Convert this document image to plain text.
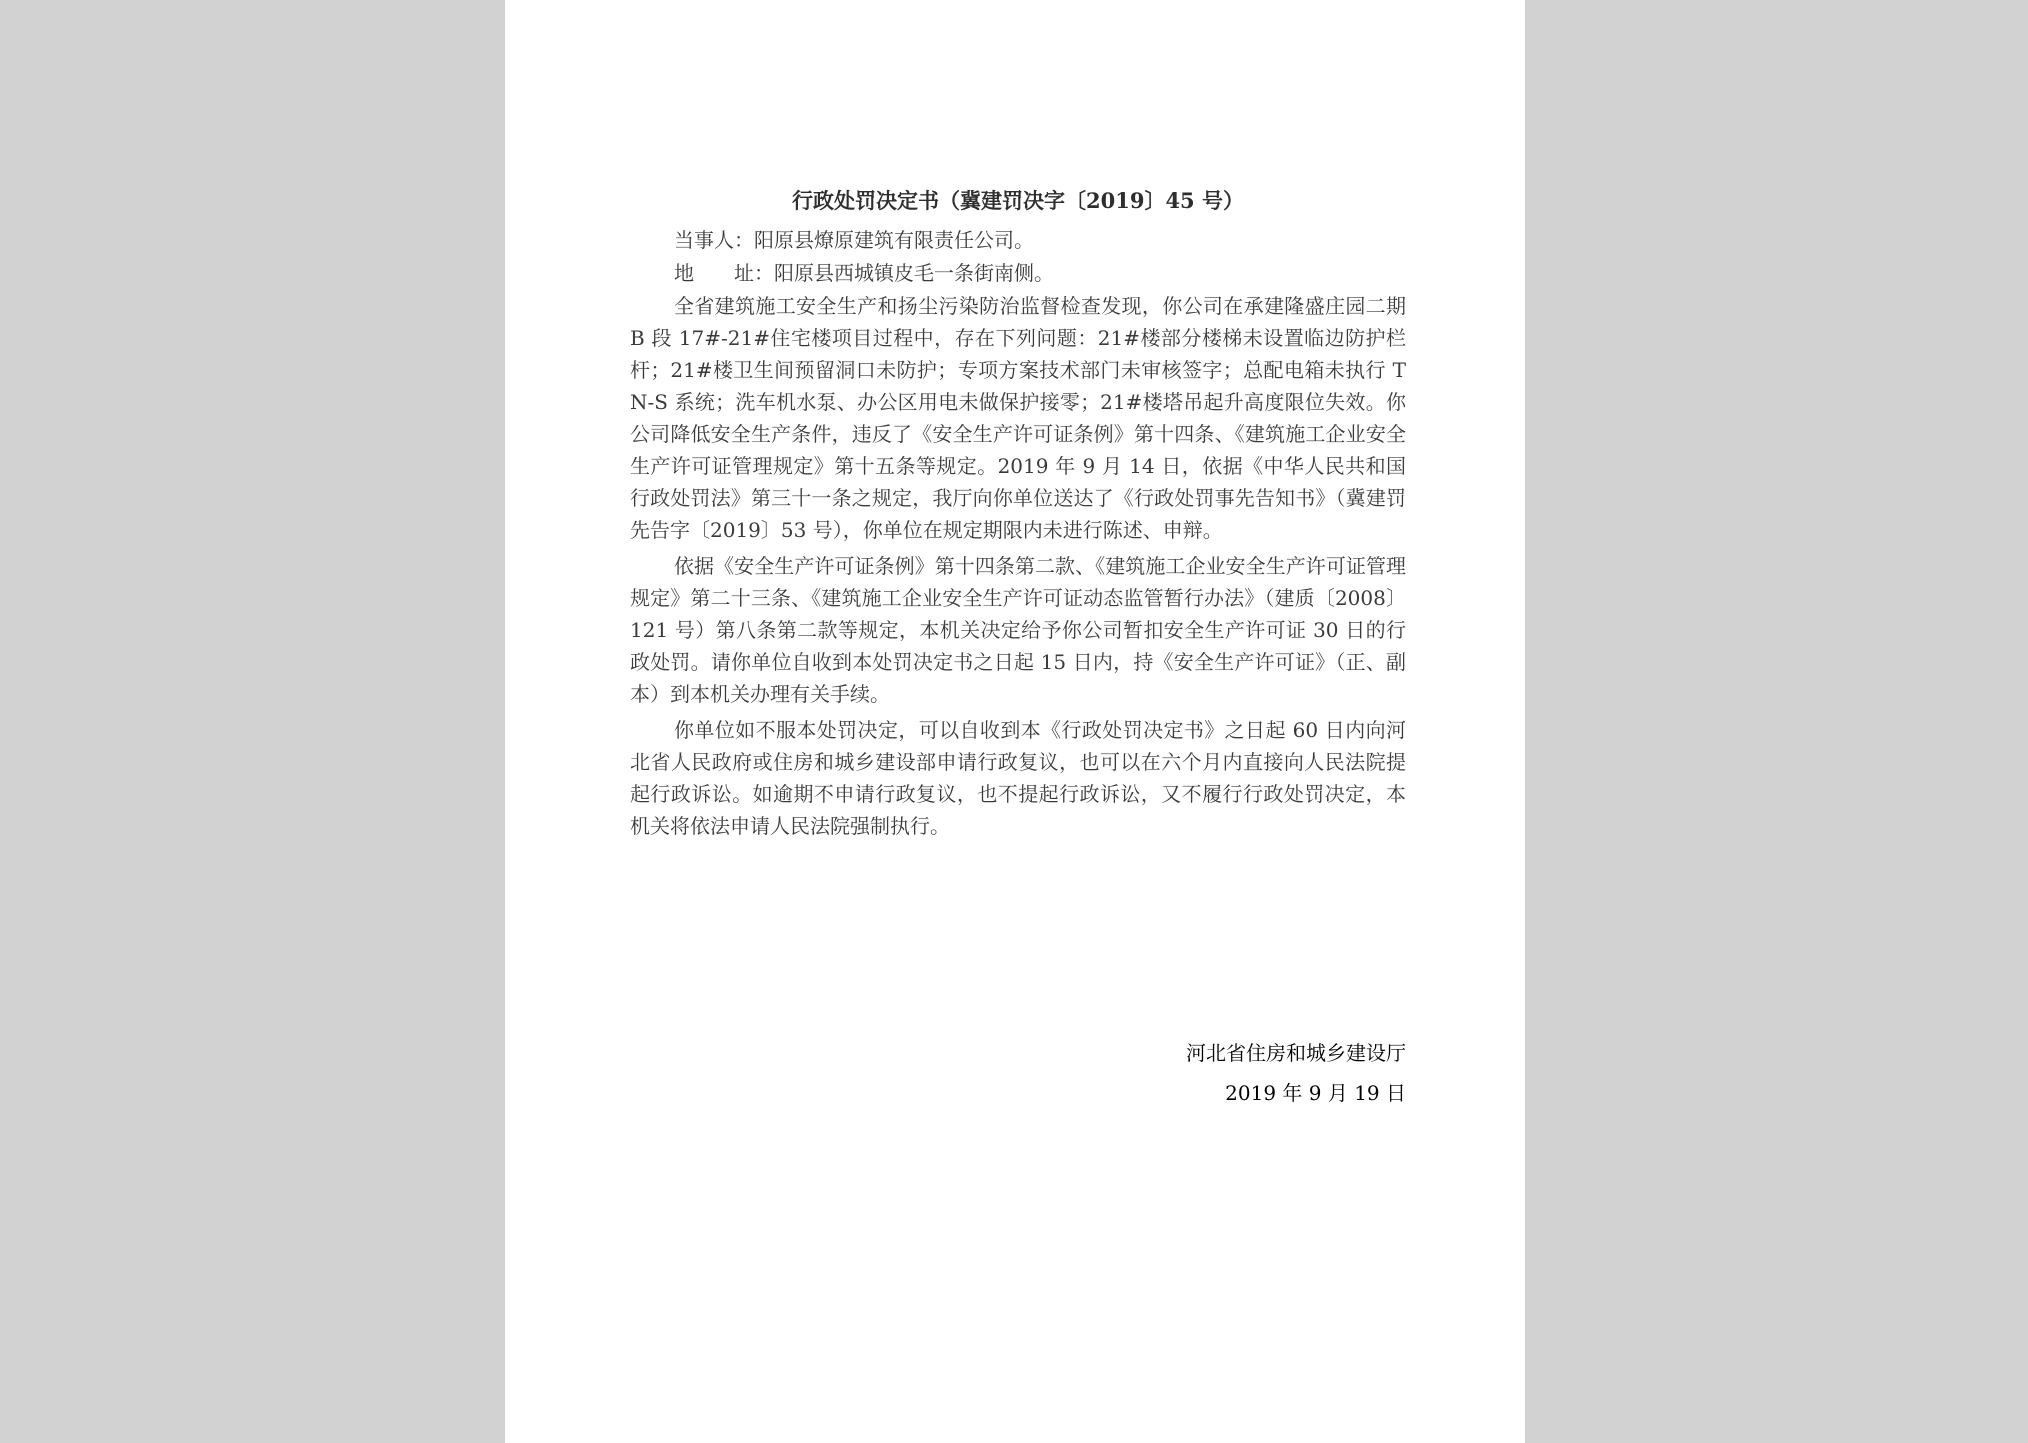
行政处罚决定书（冀建罚决字〔2019〕45 号）
当事人：阳原县燎原建筑有限责任公司。
地　　址：阳原县西城镇皮毛一条街南侧。

全省建筑施工安全生产和扬尘污染防治监督检查发现，你公司在承建隆盛庄园二期 B 段 17#-21#住宅楼项目过程中，存在下列问题：21#楼部分楼梯未设置临边防护栏杆；21#楼卫生间预留洞口未防护；专项方案技术部门未审核签字；总配电箱未执行 TN-S 系统；洗车机水泵、办公区用电未做保护接零；21#楼塔吊起升高度限位失效。你公司降低安全生产条件，违反了《安全生产许可证条例》第十四条、《建筑施工企业安全生产许可证管理规定》第十五条等规定。2019 年 9 月 14 日，依据《中华人民共和国行政处罚法》第三十一条之规定，我厅向你单位送达了《行政处罚事先告知书》（冀建罚先告字〔2019〕53 号），你单位在规定期限内未进行陈述、申辩。

依据《安全生产许可证条例》第十四条第二款、《建筑施工企业安全生产许可证管理规定》第二十三条、《建筑施工企业安全生产许可证动态监管暂行办法》（建质〔2008〕121 号）第八条第二款等规定，本机关决定给予你公司暂扣安全生产许可证 30 日的行政处罚。请你单位自收到本处罚决定书之日起 15 日内，持《安全生产许可证》（正、副本）到本机关办理有关手续。

你单位如不服本处罚决定，可以自收到本《行政处罚决定书》之日起 60 日内向河北省人民政府或住房和城乡建设部申请行政复议，也可以在六个月内直接向人民法院提起行政诉讼。如逾期不申请行政复议，也不提起行政诉讼，又不履行行政处罚决定，本机关将依法申请人民法院强制执行。

河北省住房和城乡建设厅
2019 年 9 月 19 日
